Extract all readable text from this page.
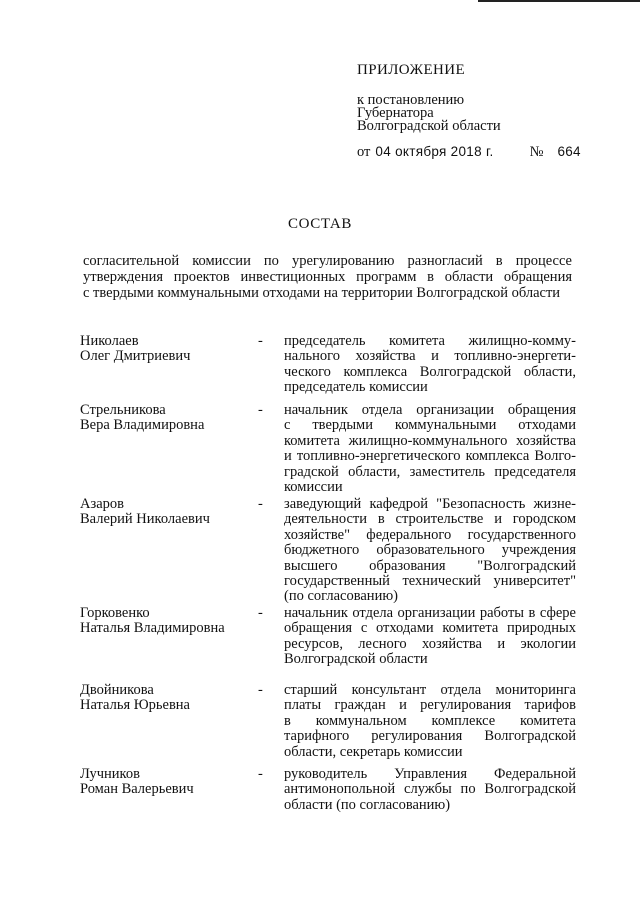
ПРИЛОЖЕНИЕ
к постановлению
Губернатора
Волгоградской области
от 04 октября 2018 г. № 664
СОСТАВ
согласительной комиссии по урегулированию разногласий в процессе
утверждения проектов инвестиционных программ в области обращения
с твердыми коммунальными отходами на территории Волгоградской области
Николаев
Олег Дмитриевич
- председатель комитета жилищно-комму-
нального хозяйства и топливно-энергети-
ческого комплекса Волгоградской области,
председатель комиссии
Стрельникова
Вера Владимировна
- начальник отдела организации обращения
с твердыми коммунальными отходами
комитета жилищно-коммунального хозяйства
и топливно-энергетического комплекса Волго-
градской области, заместитель председателя
комиссии
Азаров
Валерий Николаевич
- заведующий кафедрой "Безопасность жизне-
деятельности в строительстве и городском
хозяйстве" федерального государственного
бюджетного образовательного учреждения
высшего образования "Волгоградский
государственный технический университет"
(по согласованию)
Горковенко
Наталья Владимировна
- начальник отдела организации работы в сфере
обращения с отходами комитета природных
ресурсов, лесного хозяйства и экологии
Волгоградской области
Двойникова
Наталья Юрьевна
- старший консультант отдела мониторинга
платы граждан и регулирования тарифов
в коммунальном комплексе комитета
тарифного регулирования Волгоградской
области, секретарь комиссии
Лучников
Роман Валерьевич
- руководитель Управления Федеральной
антимонопольной службы по Волгоградской
области (по согласованию)
